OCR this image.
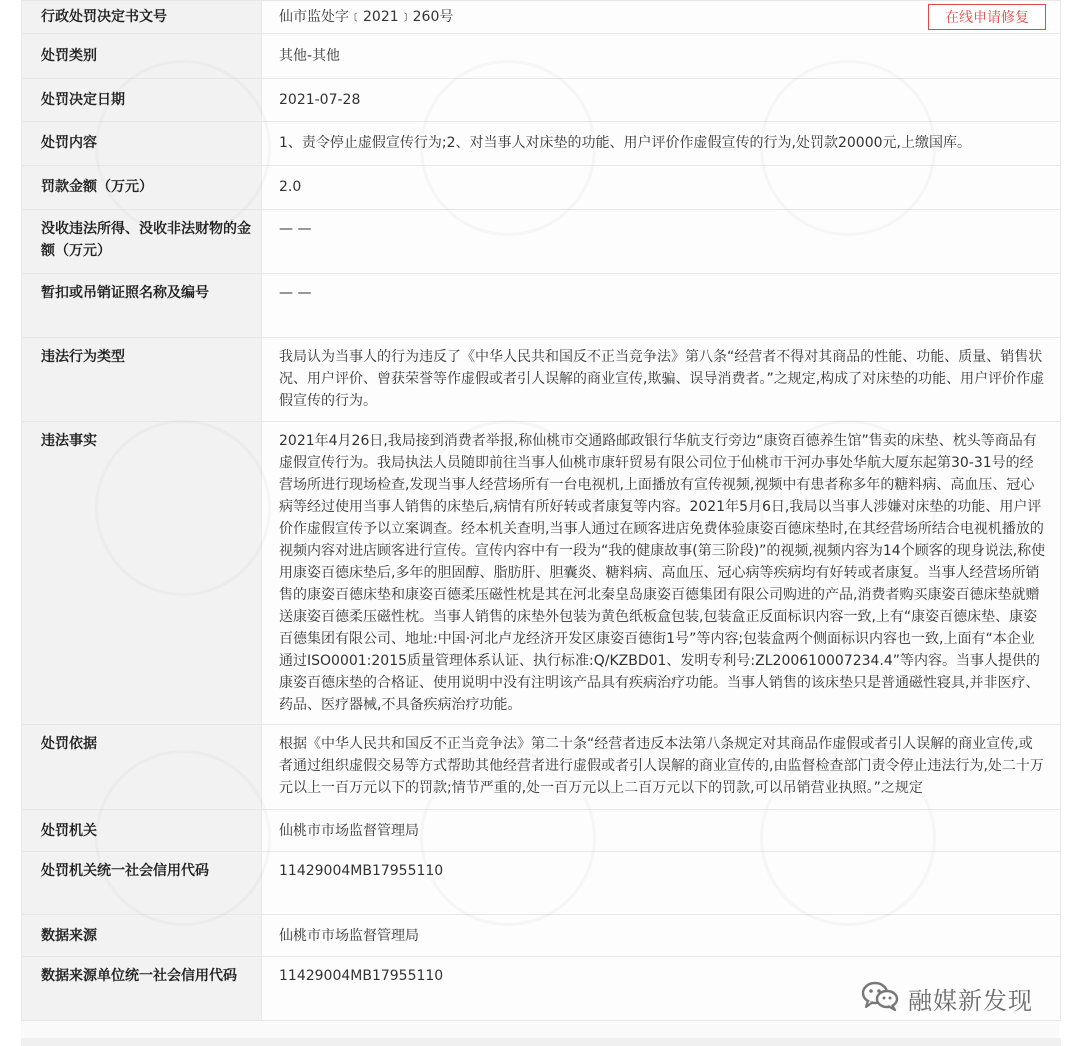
行政处罚决定书文号	仙市监处字﹝2021﹞260号 在线申请修复

处罚类别	其他-其他
处罚决定日期	2021-07-28
处罚内容	1、责令停止虚假宣传行为;2、对当事人对床垫的功能、用户评价作虚假宣传的行为,处罚款20000元,上缴国库。
罚款金额（万元）	2.0
没收违法所得、没收非法财物的金额（万元）	— —
暂扣或吊销证照名称及编号	— —
违法行为类型	我局认为当事人的行为违反了《中华人民共和国反不正当竞争法》第八条“经营者不得对其商品的性能、功能、质量、销售状况、用户评价、曾获荣誉等作虚假或者引人误解的商业宣传,欺骗、误导消费者。”之规定,构成了对床垫的功能、用户评价作虚假宣传的行为。
违法事实	2021年4月26日,我局接到消费者举报,称仙桃市交通路邮政银行华航支行旁边“康资百德养生馆”售卖的床垫、枕头等商品有虚假宣传行为。我局执法人员随即前往当事人仙桃市康轩贸易有限公司位于仙桃市干河办事处华航大厦东起第30-31号的经营场所进行现场检查,发现当事人经营场所有一台电视机,上面播放有宣传视频,视频中有患者称多年的糖料病、高血压、冠心病等经过使用当事人销售的床垫后,病情有所好转或者康复等内容。2021年5月6日,我局以当事人涉嫌对床垫的功能、用户评价作虚假宣传予以立案调查。经本机关查明,当事人通过在顾客进店免费体验康姿百德床垫时,在其经营场所结合电视机播放的视频内容对进店顾客进行宣传。宣传内容中有一段为“我的健康故事(第三阶段)”的视频,视频内容为14个顾客的现身说法,称使用康姿百德床垫后,多年的胆固醇、脂肪肝、胆囊炎、糖料病、高血压、冠心病等疾病均有好转或者康复。当事人经营场所销售的康姿百德床垫和康姿百德柔压磁性枕是其在河北秦皇岛康姿百德集团有限公司购进的产品,消费者购买康姿百德床垫就赠送康姿百德柔压磁性枕。当事人销售的床垫外包装为黄色纸板盒包装,包装盒正反面标识内容一致,上有“康姿百德床垫、康姿百德集团有限公司、地址:中国·河北卢龙经济开发区康姿百德街1号”等内容;包装盒两个侧面标识内容也一致,上面有“本企业通过ISO0001:2015质量管理体系认证、执行标准:Q/KZBD01、发明专利号:ZL200610007234.4”等内容。当事人提供的康姿百德床垫的合格证、使用说明中没有注明该产品具有疾病治疗功能。当事人销售的该床垫只是普通磁性寝具,并非医疗、药品、医疗器械,不具备疾病治疗功能。
处罚依据	根据《中华人民共和国反不正当竞争法》第二十条“经营者违反本法第八条规定对其商品作虚假或者引人误解的商业宣传,或者通过组织虚假交易等方式帮助其他经营者进行虚假或者引人误解的商业宣传的,由监督检查部门责令停止违法行为,处二十万元以上一百万元以下的罚款;情节严重的,处一百万元以上二百万元以下的罚款,可以吊销营业执照。”之规定
处罚机关	仙桃市市场监督管理局
处罚机关统一社会信用代码	11429004MB17955110
数据来源	仙桃市市场监督管理局
数据来源单位统一社会信用代码	11429004MB17955110
融媒新发现
